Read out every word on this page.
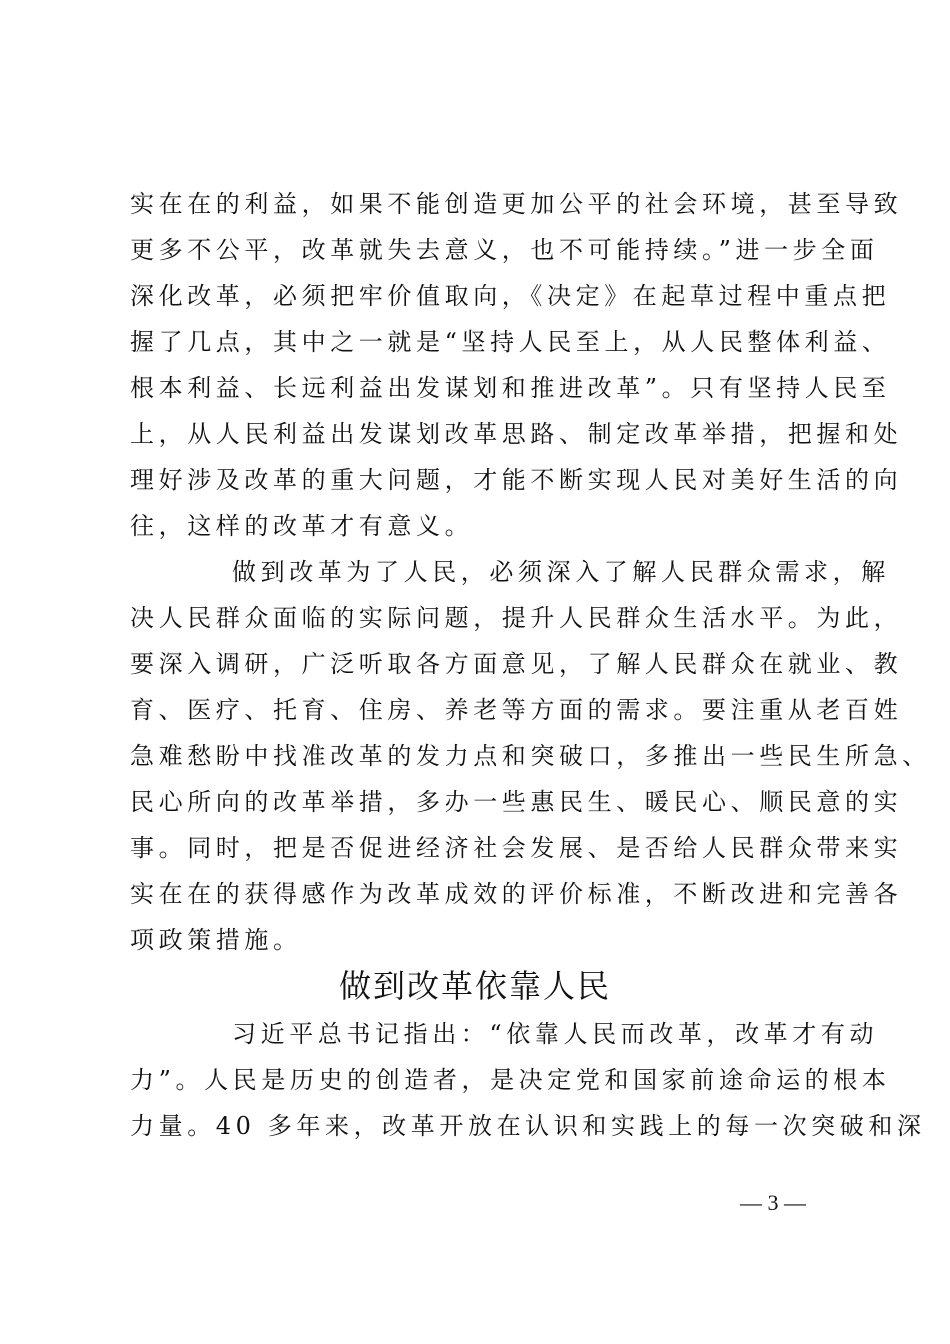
实在在的利益，如果不能创造更加公平的社会环境，甚至导致
更多不公平，改革就失去意义，也不可能持续。”进一步全面
深化改革，必须把牢价值取向，《决定》在起草过程中重点把
握了几点，其中之一就是“坚持人民至上，从人民整体利益、
根本利益、长远利益出发谋划和推进改革”。只有坚持人民至
上，从人民利益出发谋划改革思路、制定改革举措，把握和处
理好涉及改革的重大问题，才能不断实现人民对美好生活的向
往，这样的改革才有意义。
做到改革为了人民，必须深入了解人民群众需求，解
决人民群众面临的实际问题，提升人民群众生活水平。为此，
要深入调研，广泛听取各方面意见，了解人民群众在就业、教
育、医疗、托育、住房、养老等方面的需求。要注重从老百姓
急难愁盼中找准改革的发力点和突破口，多推出一些民生所急、
民心所向的改革举措，多办一些惠民生、暖民心、顺民意的实
事。同时，把是否促进经济社会发展、是否给人民群众带来实
实在在的获得感作为改革成效的评价标准，不断改进和完善各
项政策措施。
做到改革依靠人民
习近平总书记指出：“依靠人民而改革，改革才有动
力”。人民是历史的创造者，是决定党和国家前途命运的根本
力量。40 多年来，改革开放在认识和实践上的每一次突破和深
— 3 —
